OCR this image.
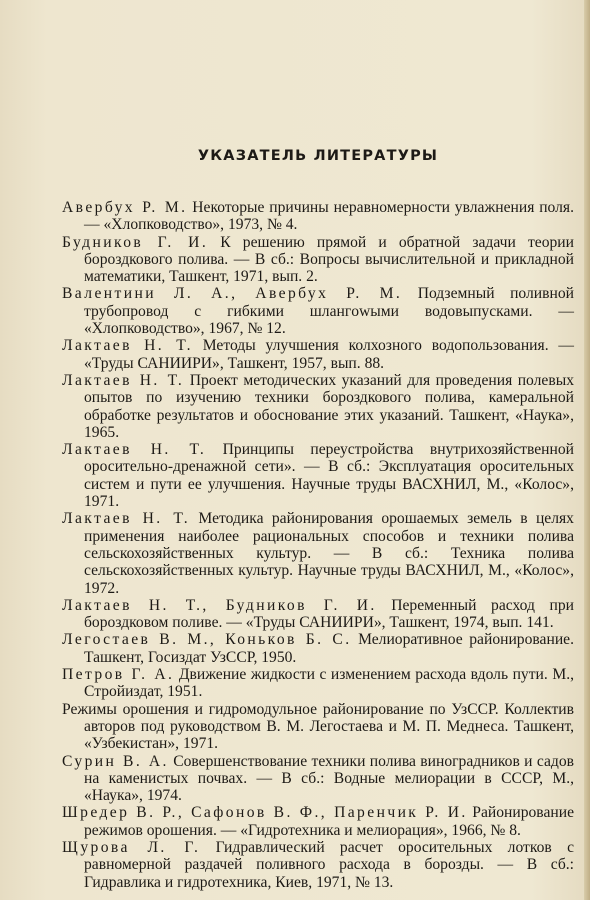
УКАЗАТЕЛЬ ЛИТЕРАТУРЫ
Авербух Р. М. Некоторые причины неравномерности увлажнения поля. — «Хлопководство», 1973, № 4.
Будников Г. И. К решению прямой и обратной задачи теории бороздкового полива. — В сб.: Вопросы вычислительной и прикладной математики, Ташкент, 1971, вып. 2.
Валентини Л. А., Авербух Р. М. Подземный поливной трубопровод с гибкими шлангowыми водовыпусками. — «Хлопководство», 1967, № 12.
Лактаев Н. Т. Методы улучшения колхозного водопользования. — «Труды САНИИРИ», Ташкент, 1957, вып. 88.
Лактаев Н. Т. Проект методических указаний для проведения полевых опытов по изучению техники бороздкового полива, камеральной обработке результатов и обоснование этих указаний. Ташкент, «Наука», 1965.
Лактаев Н. Т. Принципы переустройства внутрихозяйственной оросительно-дренажной сети». — В сб.: Эксплуатация оросительных систем и пути ее улучшения. Научные труды ВАСХНИЛ, М., «Колос», 1971.
Лактаев Н. Т. Методика районирования орошаемых земель в целях применения наиболее рациональных способов и техники полива сельскохозяйственных культур. — В сб.: Техника полива сельскохозяйственных культур. Научные труды ВАСХНИЛ, М., «Колос», 1972.
Лактаев Н. Т., Будников Г. И. Переменный расход при бороздковом поливе. — «Труды САНИИРИ», Ташкент, 1974, вып. 141.
Легостаев В. М., Коньков Б. С. Мелиоративное районирование. Ташкент, Госиздат УзССР, 1950.
Петров Г. А. Движение жидкости с изменением расхода вдоль пути. М., Стройиздат, 1951.
Режимы орошения и гидромодульное районирование по УзССР. Коллектив авторов под руководством В. М. Легостаева и М. П. Меднеса. Ташкент, «Узбекистан», 1971.
Сурин В. А. Совершенствование техники полива виноградников и садов на каменистых почвах. — В сб.: Водные мелиорации в СССР, М., «Наука», 1974.
Шредер В. Р., Сафонов В. Ф., Паренчик Р. И. Районирование режимов орошения. — «Гидротехника и мелиорация», 1966, № 8.
Щурова Л. Г. Гидравлический расчет оросительных лотков с равномерной раздачей поливного расхода в борозды. — В сб.: Гидравлика и гидротехника, Киев, 1971, № 13.
